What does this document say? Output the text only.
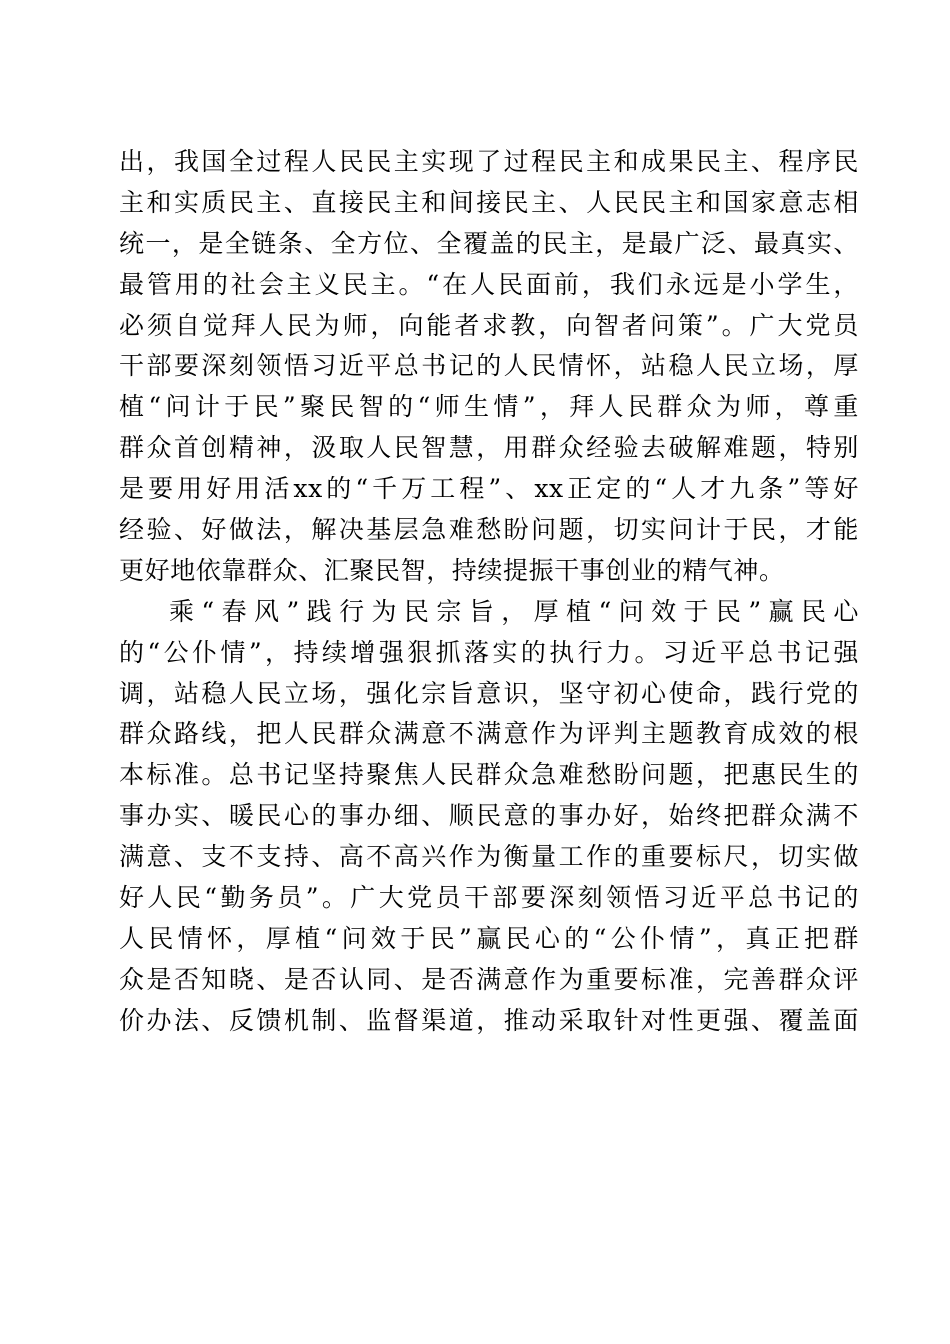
出，我国全过程人民民主实现了过程民主和成果民主、程序民
主和实质民主、直接民主和间接民主、人民民主和国家意志相
统一，是全链条、全方位、全覆盖的民主，是最广泛、最真实、
最管用的社会主义民主。“在人民面前，我们永远是小学生，
必须自觉拜人民为师，向能者求教，向智者问策”。广大党员
干部要深刻领悟习近平总书记的人民情怀，站稳人民立场，厚
植“问计于民”聚民智的“师生情”，拜人民群众为师，尊重
群众首创精神，汲取人民智慧，用群众经验去破解难题，特别
是要用好用活xx的“千万工程”、xx正定的“人才九条”等好
经验、好做法，解决基层急难愁盼问题，切实问计于民，才能
更好地依靠群众、汇聚民智，持续提振干事创业的精气神。
乘“春风”践行为民宗旨，厚植“问效于民”赢民心
的“公仆情”，持续增强狠抓落实的执行力。习近平总书记强
调，站稳人民立场，强化宗旨意识，坚守初心使命，践行党的
群众路线，把人民群众满意不满意作为评判主题教育成效的根
本标准。总书记坚持聚焦人民群众急难愁盼问题，把惠民生的
事办实、暖民心的事办细、顺民意的事办好，始终把群众满不
满意、支不支持、高不高兴作为衡量工作的重要标尺，切实做
好人民“勤务员”。广大党员干部要深刻领悟习近平总书记的
人民情怀，厚植“问效于民”赢民心的“公仆情”，真正把群
众是否知晓、是否认同、是否满意作为重要标准，完善群众评
价办法、反馈机制、监督渠道，推动采取针对性更强、覆盖面
